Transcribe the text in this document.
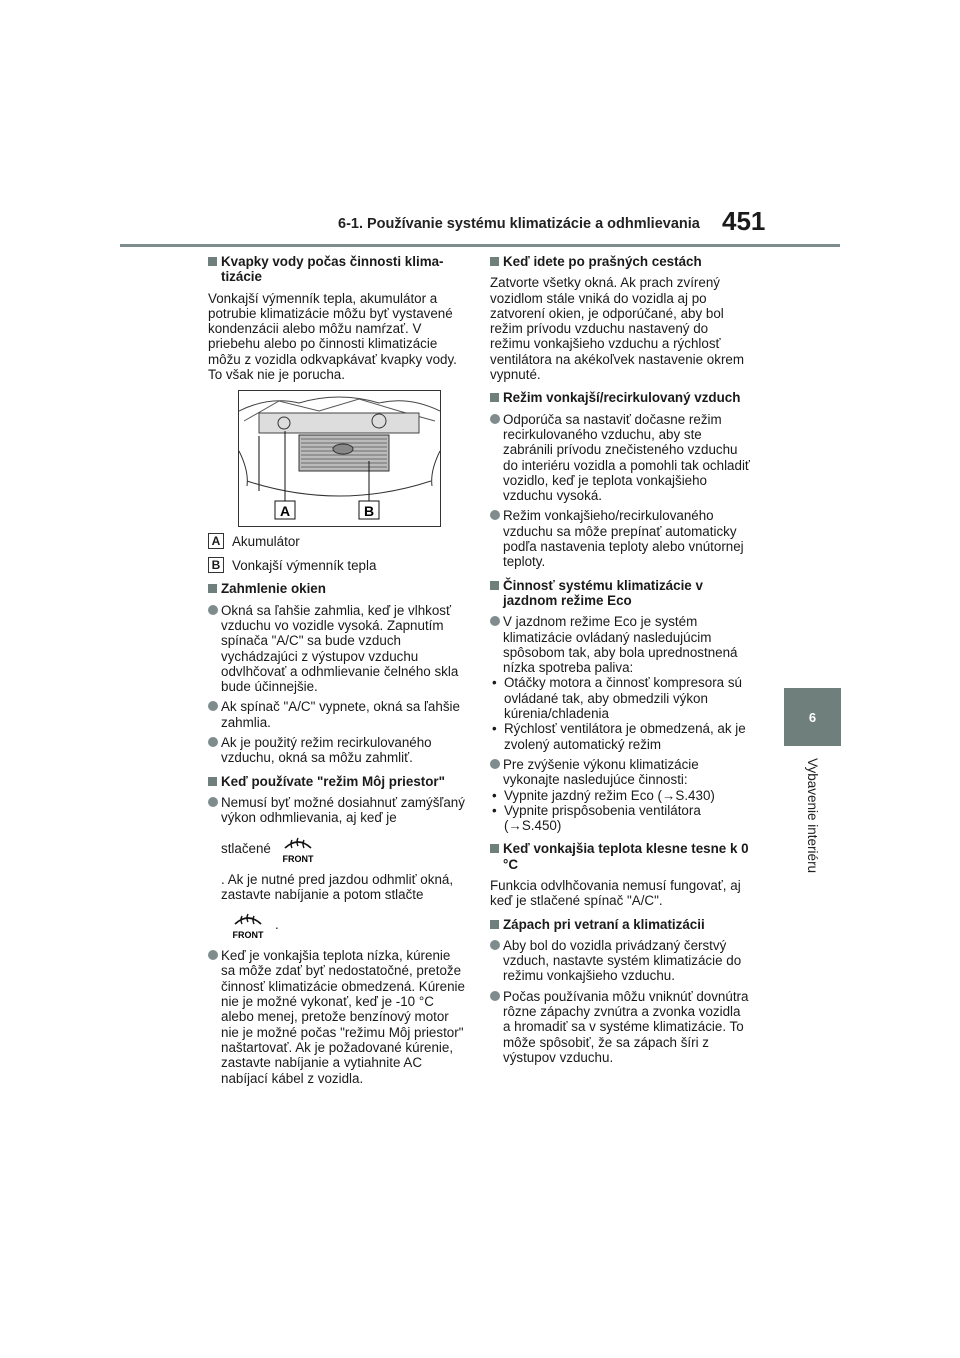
6-1. Používanie systému klimatizácie a odhmlievania 451
6
Vybavenie interiéru
Kvapky vody počas činnosti klima-tizácie

Vonkajší výmenník tepla, akumulátor a potrubie klimatizácie môžu byť vystavené kondenzácii alebo môžu namŕzať. V priebehu alebo po činnosti klimatizácie môžu z vozidla odkvapkávať kvapky vody. To však nie je porucha.

A	B
A Akumulátor
B Vonkajší výmenník tepla
Zahmlenie okien
Okná sa ľahšie zahmlia, keď je vlhkosť vzduchu vo vozidle vysoká. Zapnutím spínača "A/C" sa bude vzduch vychádzajúci z výstupov vzduchu odvlhčovať a odhmlievanie čelného skla bude účinnejšie.
Ak spínač "A/C" vypnete, okná sa ľahšie zahmlia.
Ak je použitý režim recirkulovaného vzduchu, okná sa môžu zahmliť.
Keď používate "režim Môj priestor"
Nemusí byť možné dosiahnuť zamýšľaný výkon odhmlievania, aj keď je
stlačené
FRONT

. Ak je nutné pred jazdou odhmliť okná, zastavte nabíjanie a potom stlačte

FRONT
.
Keď je vonkajšia teplota nízka, kúrenie sa môže zdať byť nedostatočné, pretože činnosť klimatizácie obmedzená. Kúrenie nie je možné vykonať, keď je -10 °C alebo menej, pretože benzínový motor nie je možné počas "režimu Môj priestor" naštartovať. Ak je požadované kúrenie, zastavte nabíjanie a vytiahnite AC nabíjací kábel z vozidla.
Keď idete po prašných cestách

Zatvorte všetky okná. Ak prach zvírený vozidlom stále vniká do vozidla aj po zatvorení okien, je odporúčané, aby bol režim prívodu vzduchu nastavený do režimu vonkajšieho vzduchu a rýchlosť ventilátora na akékoľvek nastavenie okrem vypnuté.

Režim vonkajší/recirkulovaný vzduch
Odporúča sa nastaviť dočasne režim recirkulovaného vzduchu, aby ste zabránili prívodu znečisteného vzduchu do interiéru vozidla a pomohli tak ochladiť vozidlo, keď je teplota vonkajšieho vzduchu vysoká.
Režim vonkajšieho/recirkulovaného vzduchu sa môže prepínať automaticky podľa nastavenia teploty alebo vnútornej teploty.
Činnosť systému klimatizácie v jazdnom režime Eco
V jazdnom režime Eco je systém klimatizácie ovládaný nasledujúcim spôsobom tak, aby bola uprednostnená nízka spotreba paliva:
• Otáčky motora a činnosť kompresora sú ovládané tak, aby obmedzili výkon kúrenia/chladenia
• Rýchlosť ventilátora je obmedzená, ak je zvolený automatický režim
Pre zvýšenie výkonu klimatizácie vykonajte nasledujúce činnosti:
• Vypnite jazdný režim Eco (→S.430)
• Vypnite prispôsobenia ventilátora (→S.450)
Keď vonkajšia teplota klesne tesne k 0 °C

Funkcia odvlhčovania nemusí fungovať, aj keď je stlačené spínač "A/C".

Zápach pri vetraní a klimatizácii
Aby bol do vozidla privádzaný čerstvý vzduch, nastavte systém klimatizácie do režimu vonkajšieho vzduchu.
Počas používania môžu vniknúť dovnútra rôzne zápachy zvnútra a zvonka vozidla a hromadiť sa v systéme klimatizácie. To môže spôsobiť, že sa zápach šíri z výstupov vzduchu.
